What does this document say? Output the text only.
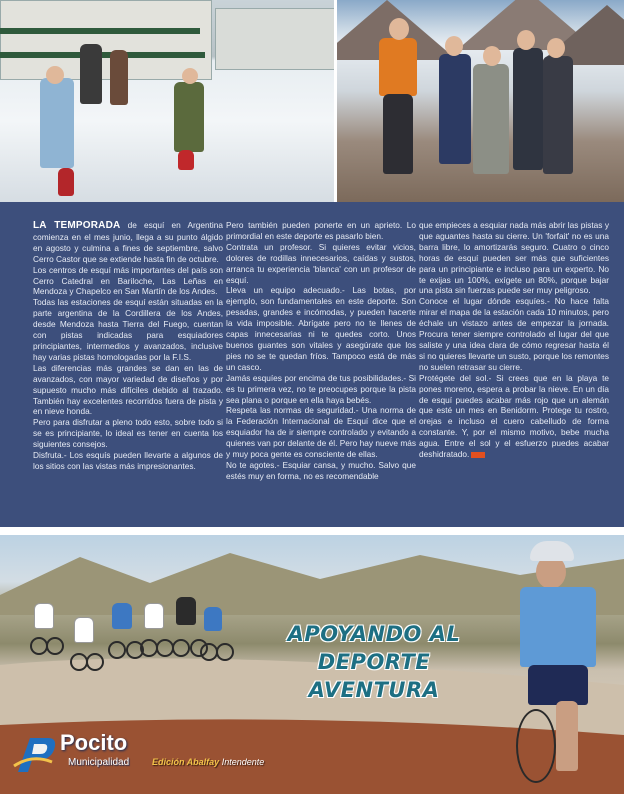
LA TEMPORADA de esquí en Argentina comienza en el mes junio, llega a su punto álgido en agosto y culmina a fines de septiembre, salvo Cerro Castor que se extiende hasta fin de octubre.

Los centros de esquí más importantes del país son Cerro Catedral en Bariloche, Las Leñas en Mendoza y Chapelco en San Martín de los Andes.

Todas las estaciones de esquí están situadas en la parte argentina de la Cordillera de los Andes, desde Mendoza hasta Tierra del Fuego, cuentan con pistas indicadas para esquiadores principiantes, intermedios y avanzados, inclusive hay varias pistas homologadas por la F.I.S.

Las diferencias más grandes se dan en las de avanzados, con mayor variedad de diseños y por supuesto mucho más difíciles debido al trazado. También hay excelentes recorridos fuera de pista y en nieve honda.

Pero para disfrutar a pleno todo esto, sobre todo si se es principiante, lo ideal es tener en cuenta los siguientes consejos.

Disfruta.- Los esquís pueden llevarte a algunos de los sitios con las vistas más impresionantes.

Pero también pueden ponerte en un aprieto. Lo primordial en este deporte es pasarlo bien.

Contrata un profesor. Si quieres evitar vicios, dolores de rodillas innecesarios, caídas y sustos, arranca tu experiencia 'blanca' con un profesor de esquí.

Lleva un equipo adecuado.- Las botas, por ejemplo, son fundamentales en este deporte. Son pesadas, grandes e incómodas, y pueden hacerte la vida imposible. Abrígate pero no te llenes de capas innecesarias ni te quedes corto. Unos buenos guantes son vitales y asegúrate que los pies no se te quedan fríos. Tampoco está de más un casco.

Jamás esquíes por encima de tus posibilidades.- Si es tu primera vez, no te preocupes porque la pista sea plana o porque en ella haya bebés.

Respeta las normas de seguridad.- Una norma de la Federación Internacional de Esquí dice que el esquiador ha de ir siempre controlado y evitando a quienes van por delante de él. Pero hay nueve más y muy poca gente es consciente de ellas.

No te agotes.- Esquiar cansa, y mucho. Salvo que estés muy en forma, no es recomendable

que empieces a esquiar nada más abrir las pistas y que aguantes hasta su cierre. Un 'forfait' no es una barra libre, lo amortizarás seguro. Cuatro o cinco horas de esquí pueden ser más que suficientes para un principiante e incluso para un experto. No te exijas un 100%, exígete un 80%, porque bajar una pista sin fuerzas puede ser muy peligroso.

Conoce el lugar dónde esquíes.- No hace falta mirar el mapa de la estación cada 10 minutos, pero échale un vistazo antes de empezar la jornada. Procura tener siempre controlado el lugar del que saliste y una idea clara de cómo regresar hasta él si no quieres llevarte un susto, porque los remontes no suelen retrasar su cierre.

Protégete del sol.- Si crees que en la playa te pones moreno, espera a probar la nieve. En un día de esquí puedes acabar más rojo que un alemán que esté un mes en Benidorm. Protege tu rostro, orejas e incluso el cuero cabelludo de forma constante. Y, por el mismo motivo, bebe mucha agua. Entre el sol y el esfuerzo puedes acabar deshidratado.

APOYANDO AL
DEPORTE AVENTURA
Pocito
Municipalidad	Edición Abalfay Intendente
